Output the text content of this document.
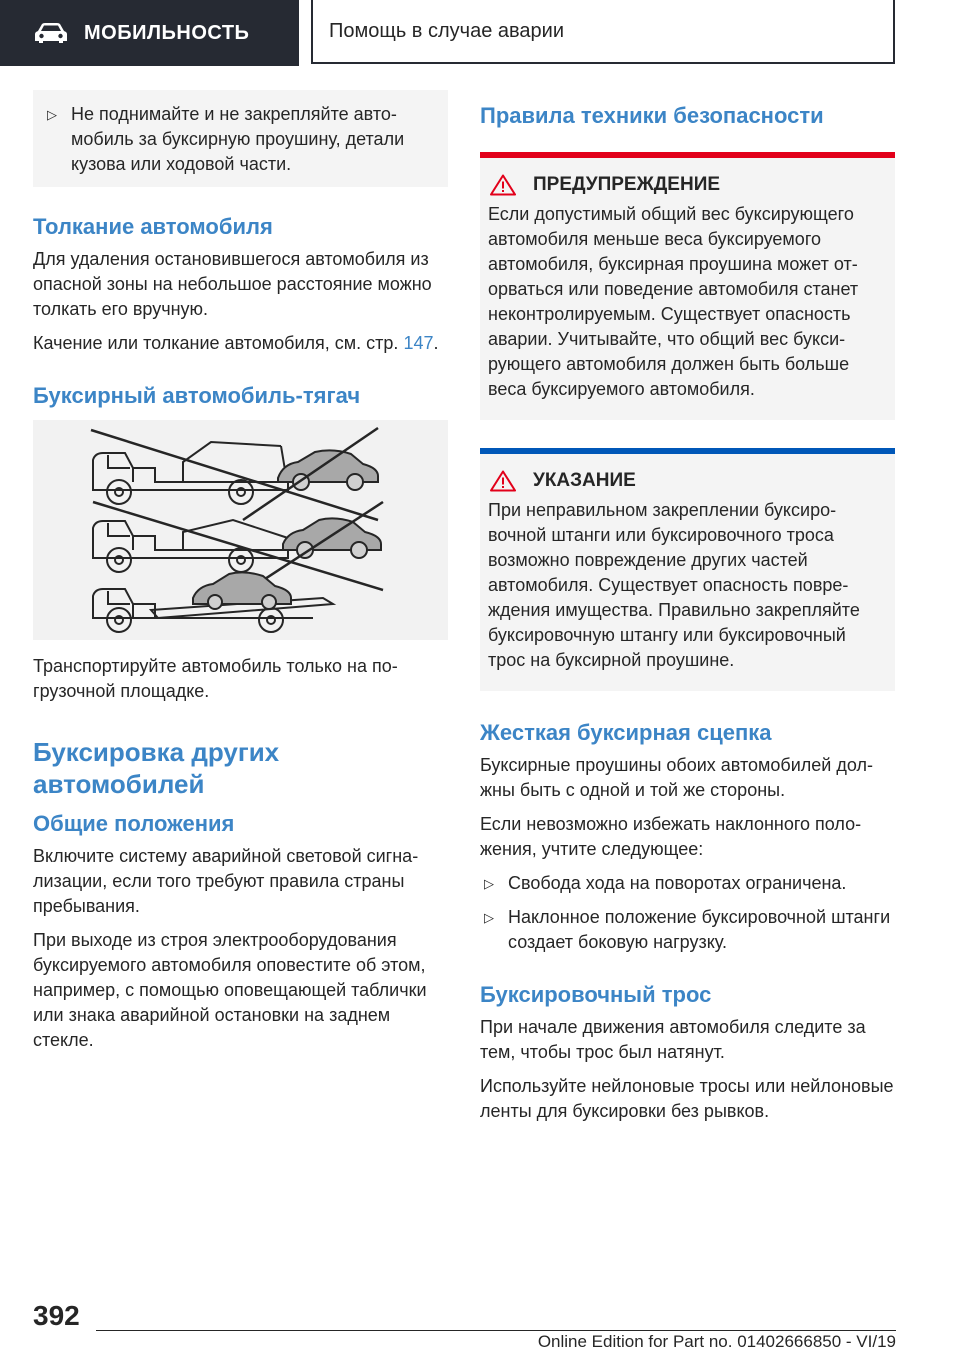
МОБИЛЬНОСТЬ	Помощь в случае аварии
▷ Не поднимайте и не закрепляйте автомобиль за буксирную проушину, детали кузова или ходовой части.
Толкание автомобиля
Для удаления остановившегося автомобиля из опасной зоны на небольшое расстояние можно толкать его вручную.
Качение или толкание автомобиля, см. стр. 147.
Буксирный автомобиль-тягач
Транспортируйте автомобиль только на погрузочной площадке.
Буксировка других автомобилей
Общие положения
Включите систему аварийной световой сигнализации, если того требуют правила страны пребывания.
При выходе из строя электрооборудования буксируемого автомобиля оповестите об этом, например, с помощью оповещающей таблички или знака аварийной остановки на заднем стекле.
Правила техники безопасности
ПРЕДУПРЕЖДЕНИЕ
Если допустимый общий вес буксирующего автомобиля меньше веса буксируемого автомобиля, буксирная проушина может оторваться или поведение автомобиля станет неконтролируемым. Существует опасность аварии. Учитывайте, что общий вес буксирующего автомобиля должен быть больше веса буксируемого автомобиля.
УКАЗАНИЕ
При неправильном закреплении буксировочной штанги или буксировочного троса возможно повреждение других частей автомобиля. Существует опасность повреждения имущества. Правильно закрепляйте буксировочную штангу или буксировочный трос на буксирной проушине.
Жесткая буксирная сцепка
Буксирные проушины обоих автомобилей должны быть с одной и той же стороны.
Если невозможно избежать наклонного положения, учтите следующее:
▷ Свобода хода на поворотах ограничена.
▷ Наклонное положение буксировочной штанги создает боковую нагрузку.
Буксировочный трос
При начале движения автомобиля следите за тем, чтобы трос был натянут.
Используйте нейлоновые тросы или нейлоновые ленты для буксировки без рывков.
392
Online Edition for Part no. 01402666850 - VI/19
